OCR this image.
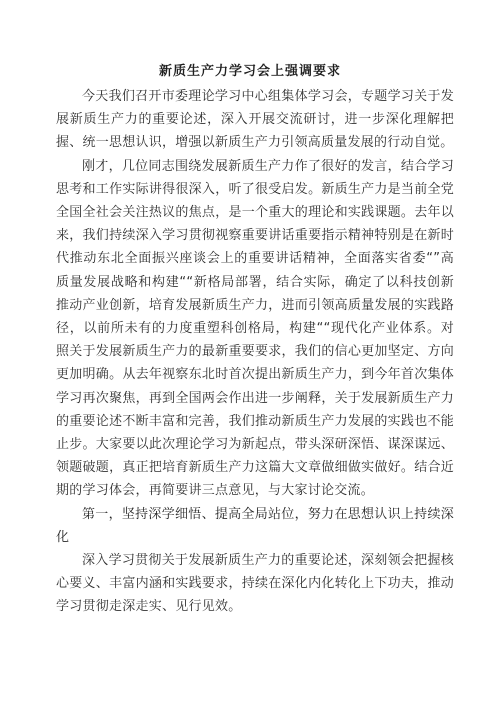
新质生产力学习会上强调要求

今天我们召开市委理论学习中心组集体学习会，专题学习关于发展新质生产力的重要论述，深入开展交流研讨，进一步深化理解把握、统一思想认识，增强以新质生产力引领高质量发展的行动自觉。

刚才，几位同志围绕发展新质生产力作了很好的发言，结合学习思考和工作实际讲得很深入，听了很受启发。新质生产力是当前全党全国全社会关注热议的焦点，是一个重大的理论和实践课题。去年以来，我们持续深入学习贯彻视察重要讲话重要指示精神特别是在新时代推动东北全面振兴座谈会上的重要讲话精神，全面落实省委“”高质量发展战略和构建““新格局部署，结合实际，确定了以科技创新推动产业创新，培育发展新质生产力，进而引领高质量发展的实践路径，以前所未有的力度重塑科创格局，构建““现代化产业体系。对照关于发展新质生产力的最新重要要求，我们的信心更加坚定、方向更加明确。从去年视察东北时首次提出新质生产力，到今年首次集体学习再次聚焦，再到全国两会作出进一步阐释，关于发展新质生产力的重要论述不断丰富和完善，我们推动新质生产力发展的实践也不能止步。大家要以此次理论学习为新起点，带头深研深悟、谋深谋远、领题破题，真正把培育新质生产力这篇大文章做细做实做好。结合近期的学习体会，再简要讲三点意见，与大家讨论交流。

第一，坚持深学细悟、提高全局站位，努力在思想认识上持续深化

深入学习贯彻关于发展新质生产力的重要论述，深刻领会把握核心要义、丰富内涵和实践要求，持续在深化内化转化上下功夫，推动学习贯彻走深走实、见行见效。
